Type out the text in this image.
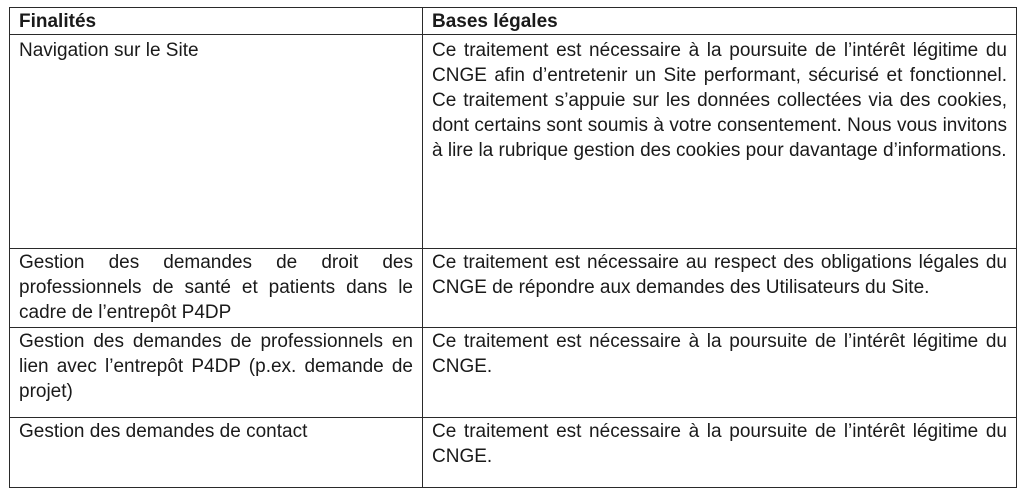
Finalités	Bases légales
Navigation sur le Site	Ce traitement est nécessaire à la poursuite de l’intérêt légitime du CNGE afin d’entretenir un Site performant, sécurisé et fonctionnel. Ce traitement s’appuie sur les données collectées via des cookies, dont certains sont soumis à votre consentement. Nous vous invitons à lire la rubrique gestion des cookies pour davantage d’informations.
Gestion des demandes de droit des professionnels de santé et patients dans le cadre de l’entrepôt P4DP	Ce traitement est nécessaire au respect des obligations légales du CNGE de répondre aux demandes des Utilisateurs du Site.
Gestion des demandes de professionnels en lien avec l’entrepôt P4DP (p.ex. demande de projet)	Ce traitement est nécessaire à la poursuite de l’intérêt légitime du CNGE.
Gestion des demandes de contact	Ce traitement est nécessaire à la poursuite de l’intérêt légitime du CNGE.
